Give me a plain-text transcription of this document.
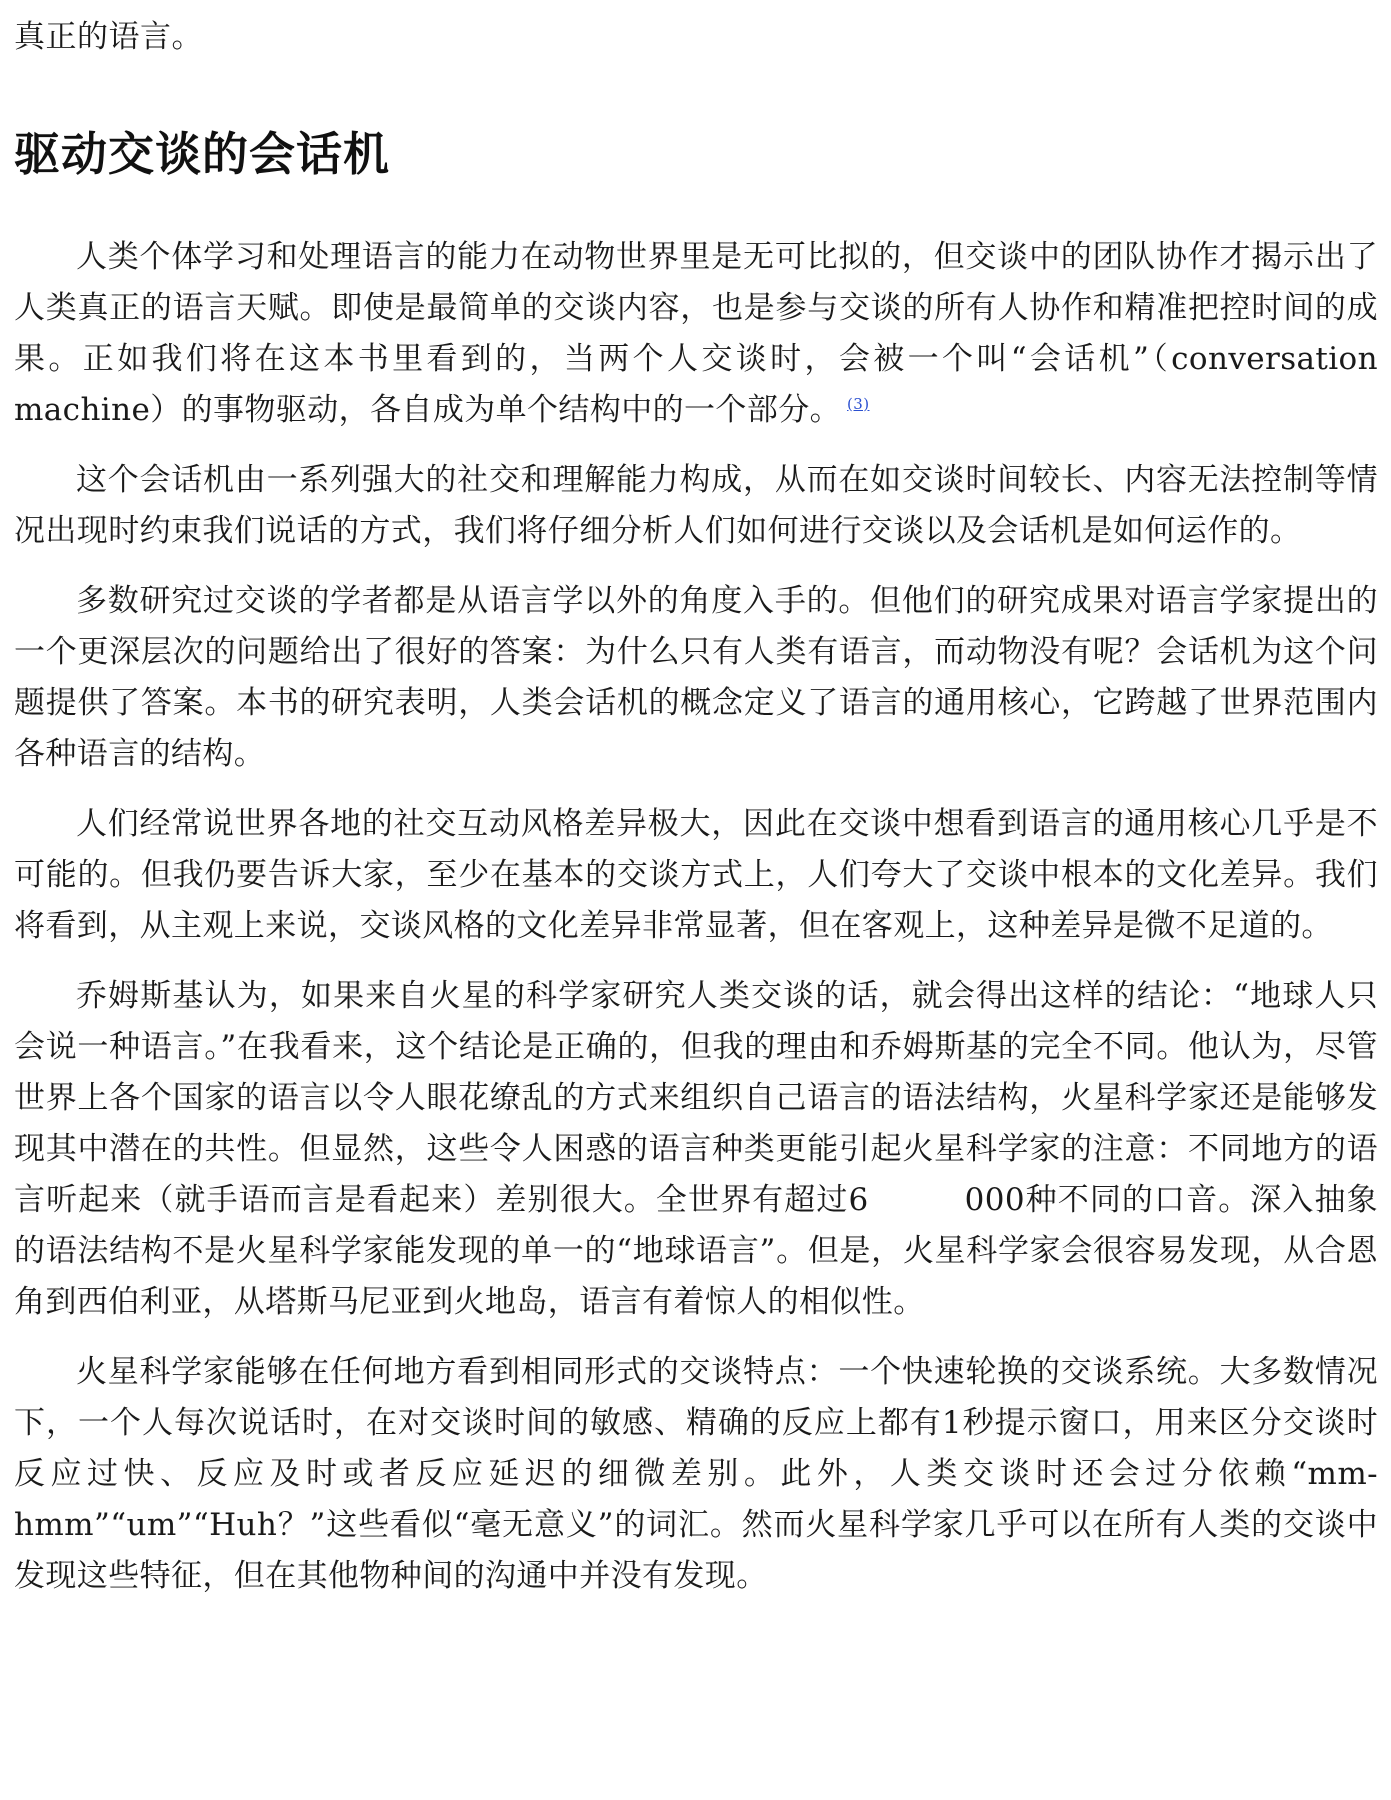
真正的语言。

驱动交谈的会话机

人类个体学习和处理语言的能力在动物世界里是无可比拟的，但交谈中的团队协作才揭示出了人类真正的语言天赋。即使是最简单的交谈内容，也是参与交谈的所有人协作和精准把控时间的成果。正如我们将在这本书里看到的，当两个人交谈时，会被一个叫“会话机”（conversation machine）的事物驱动，各自成为单个结构中的一个部分。 $^{(3)}$

这个会话机由一系列强大的社交和理解能力构成，从而在如交谈时间较长、内容无法控制等情况出现时约束我们说话的方式，我们将仔细分析人们如何进行交谈以及会话机是如何运作的。

多数研究过交谈的学者都是从语言学以外的角度入手的。但他们的研究成果对语言学家提出的一个更深层次的问题给出了很好的答案：为什么只有人类有语言，而动物没有呢？会话机为这个问题提供了答案。本书的研究表明，人类会话机的概念定义了语言的通用核心，它跨越了世界范围内各种语言的结构。

人们经常说世界各地的社交互动风格差异极大，因此在交谈中想看到语言的通用核心几乎是不可能的。但我仍要告诉大家，至少在基本的交谈方式上，人们夸大了交谈中根本的文化差异。我们将看到，从主观上来说，交谈风格的文化差异非常显著，但在客观上，这种差异是微不足道的。

乔姆斯基认为，如果来自火星的科学家研究人类交谈的话，就会得出这样的结论：“地球人只会说一种语言。”在我看来，这个结论是正确的，但我的理由和乔姆斯基的完全不同。他认为，尽管世界上各个国家的语言以令人眼花缭乱的方式来组织自己语言的语法结构，火星科学家还是能够发现其中潜在的共性。但显然，这些令人困惑的语言种类更能引起火星科学家的注意：不同地方的语言听起来（就手语而言是看起来）差别很大。全世界有超过6	000种不同的口音。深入抽象的语法结构不是火星科学家能发现的单一的“地球语言”。但是，火星科学家会很容易发现，从合恩角到西伯利亚，从塔斯马尼亚到火地岛，语言有着惊人的相似性。

火星科学家能够在任何地方看到相同形式的交谈特点：一个快速轮换的交谈系统。大多数情况下，一个人每次说话时，在对交谈时间的敏感、精确的反应上都有1秒提示窗口，用来区分交谈时反应过快、反应及时或者反应延迟的细微差别。此外，人类交谈时还会过分依赖“mm-hmm”“um”“Huh？”这些看似“毫无意义”的词汇。然而火星科学家几乎可以在所有人类的交谈中发现这些特征，但在其他物种间的沟通中并没有发现。
